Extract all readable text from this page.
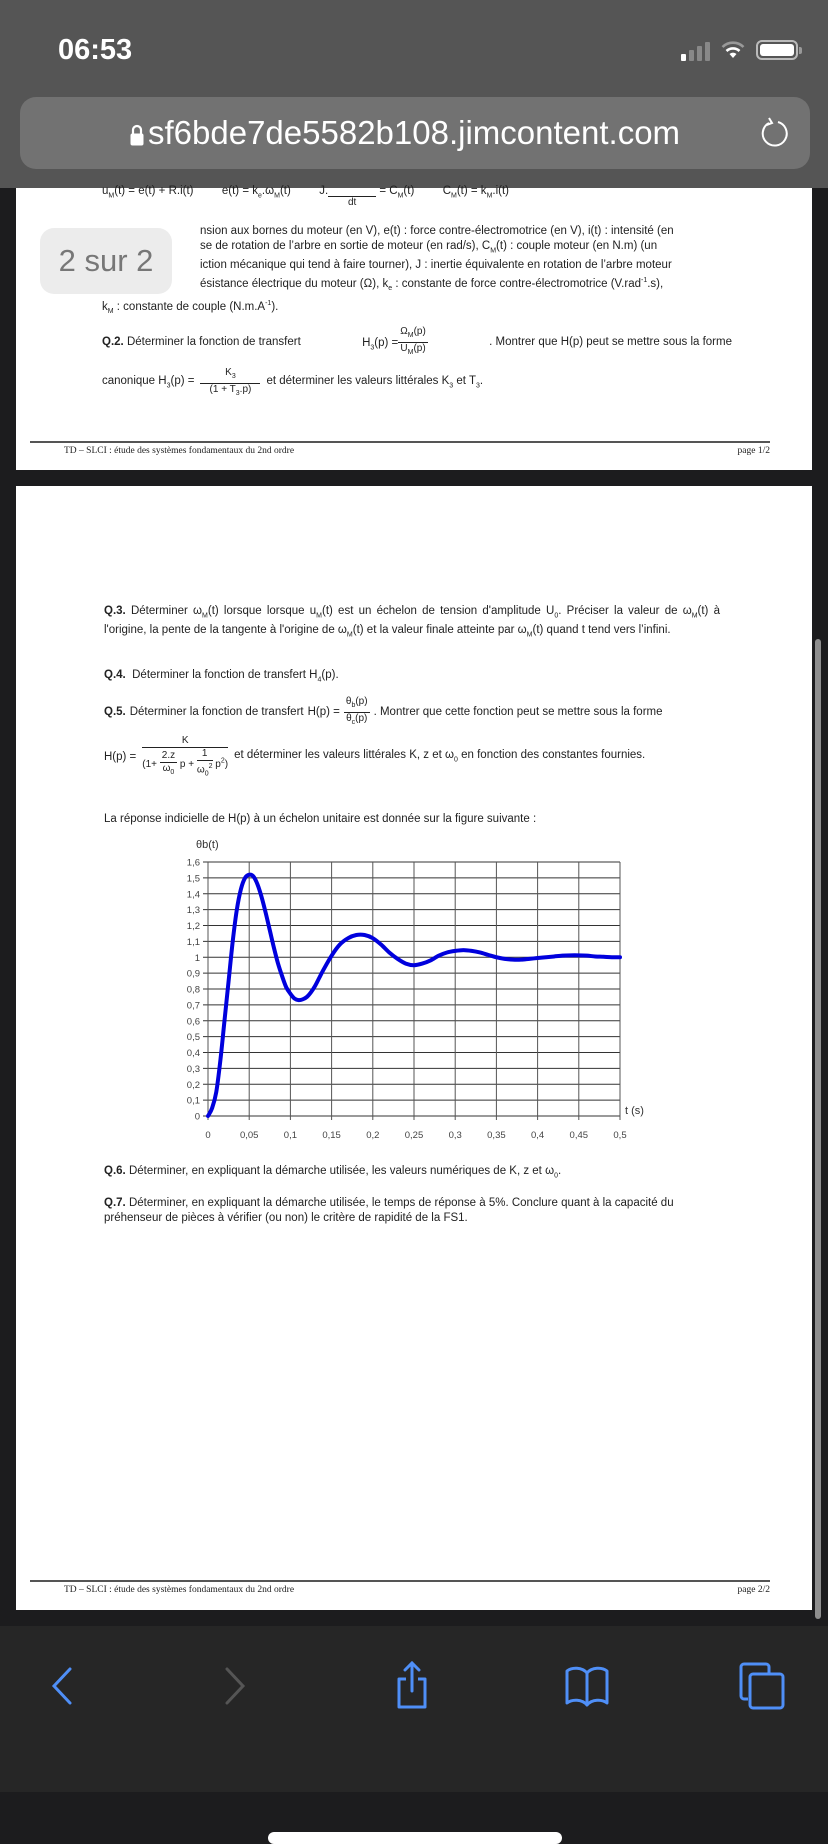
06:53
sf6bde7de5582b108.jimcontent.com
$u_M(t) = e(t) + R.i(t) e(t) = k_e.\omega_M(t)$ J.

dt
= $C_M(t) C_M(t) = k_M.i(t)$
nsion aux bornes du moteur (en V), e(t) : force contre-électromotrice (en V), i(t) : intensité (en
se de rotation de l’arbre en sortie de moteur (en rad/s), $C_M(t)$ : couple moteur (en N.m) (un
iction mécanique qui tend à faire tourner), J : inertie équivalente en rotation de l’arbre moteur
ésistance électrique du moteur (Ω), $k_e$ : constante de force contre-électromotrice (V.rad$^{-1}$.s),
$k_M$ : constante de couple $(N.m.A^{-1})$.
Q.2. Déterminer la fonction de transfert	$H_3(p) = \frac{\Omega_M(p)}{U_M(p)}$	. Montrer que H(p) peut se mettre sous la forme
canonique $H_3(p) = \frac{K_3}{(1 + T_3.p)}$ et déterminer les valeurs littérales $K_3$ et $T_3$.
TD – SLCI : étude des systèmes fondamentaux du 2nd ordre	page 1/2
2 sur 2
Q.3. Déterminer $\omega_M(t)$ lorsque lorsque $u_M(t)$ est un échelon de tension d'amplitude $U_0$. Préciser la valeur de $\omega_M(t)$ à l'origine, la pente de la tangente à l'origine de $\omega_M(t)$ et la valeur finale atteinte par $\omega_M(t)$ quand t tend vers l’infini.
Q.4. Déterminer la fonction de transfert $H_4(p)$.
Q.5. Déterminer la fonction de transfert $H(p) = \frac{\theta_b(p)}{\theta_c(p)}$ . Montrer que cette fonction peut se mettre sous la forme
$H(p) = \frac{K}{(1+ \frac{2.z}{\omega_0} p + \frac{1}{\omega_0^2} p^2)}$ et déterminer les valeurs littérales K, z et $\omega_0$ en fonction des constantes fournies.
La réponse indicielle de H(p) à un échelon unitaire est donnée sur la figure suivante :
θb(t)
0
0,1
0,2
0,3
0,4
0,5
0,6
0,7
0,8
0,9
1
1,1
1,2
1,3
1,4
1,5
1,6
0	0,05	0,1	0,15	0,2	0,25	0,3	0,35	0,4	0,45	0,5
t (s)
Q.6. Déterminer, en expliquant la démarche utilisée, les valeurs numériques de K, z et $\omega_0$.
Q.7. Déterminer, en expliquant la démarche utilisée, le temps de réponse à 5%. Conclure quant à la capacité du préhenseur de pièces à vérifier (ou non) le critère de rapidité de la FS1.
TD – SLCI : étude des systèmes fondamentaux du 2nd ordre	page 2/2
